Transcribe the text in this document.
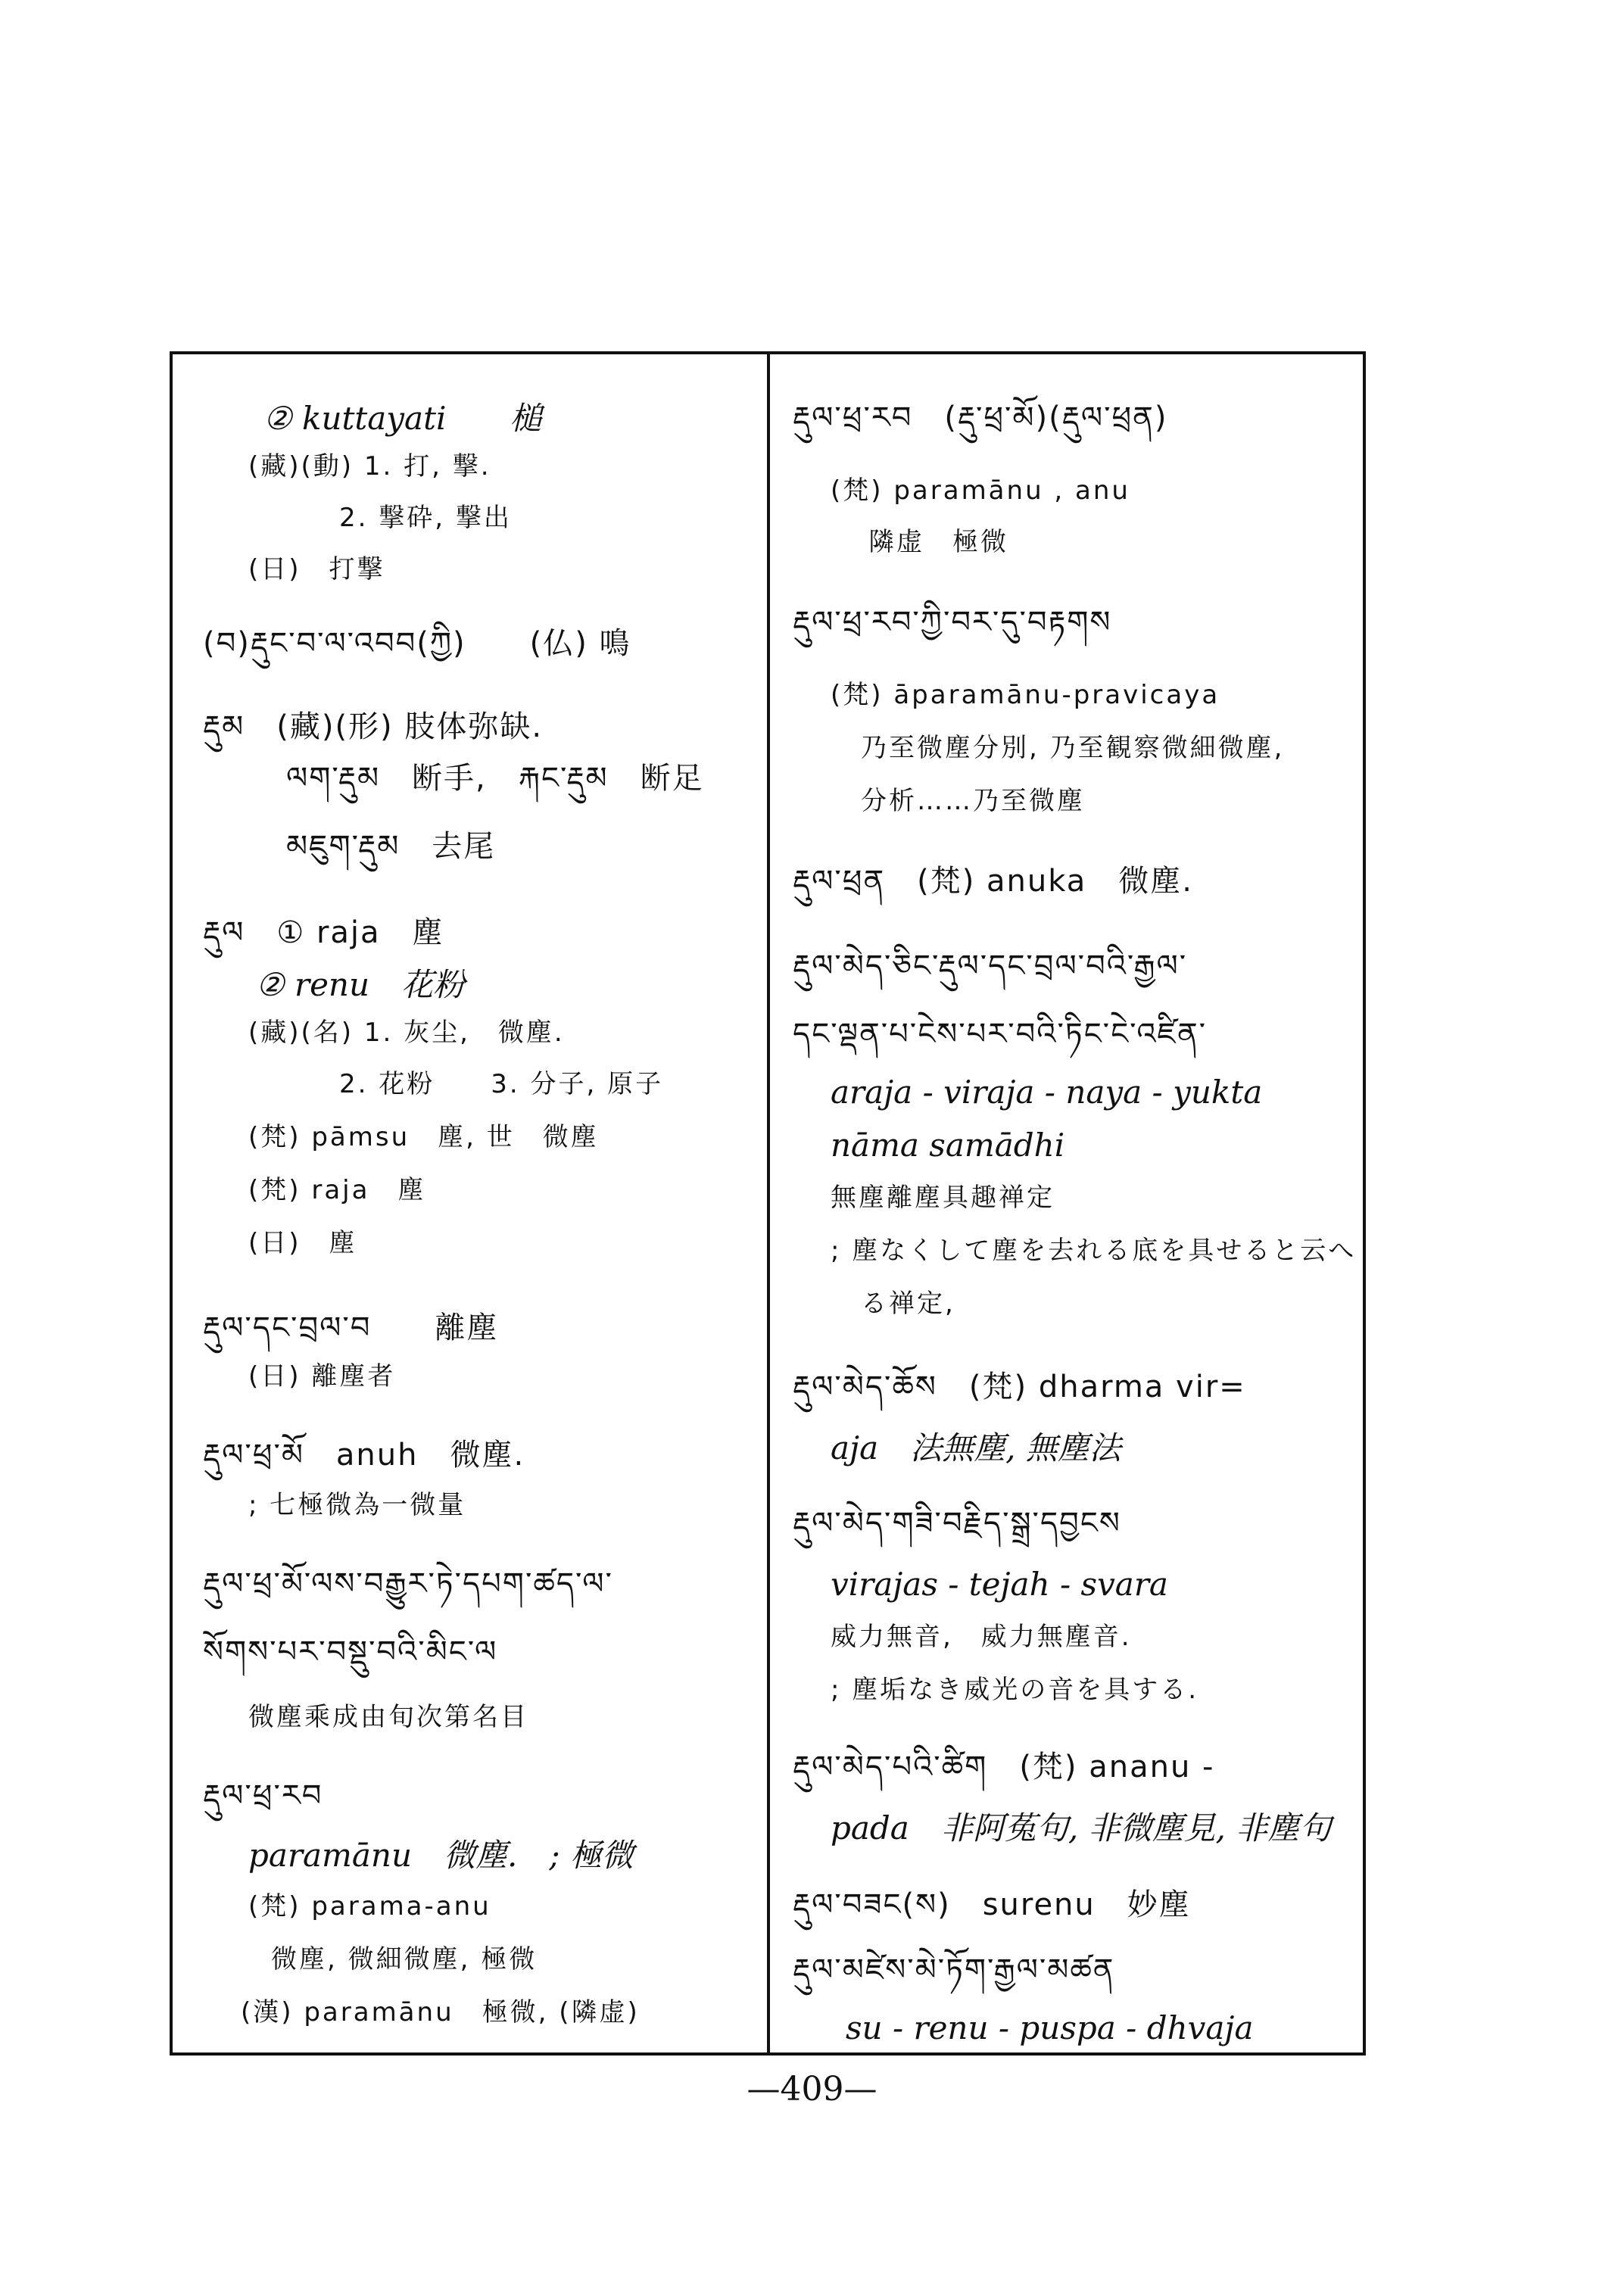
② kuttayati　　槌
(藏)(動) 1. 打, 撃.
2. 撃砕, 撃出
(日)　打撃
(བ)རྡུང་བ་ལ་འབབ(ཀྱི)　　(仏) 鳴
རྡུམ　(藏)(形) 肢体弥缺.
ལག་རྡུམ　断手,　རྐང་རྡུམ　断足
མཇུག་རྡུམ　去尾
རྡུལ　① raja　塵
② renu　花粉
(藏)(名) 1. 灰尘,　微塵.
2. 花粉　　3. 分子, 原子
(梵) pāmsu　塵, 世　微塵
(梵) raja　塵
(日)　塵
རྡུལ་དང་བྲལ་བ　　離塵
(日) 離塵者
རྡུལ་ཕྲ་མོ　anuh　微塵.
; 七極微為一微量
རྡུལ་ཕྲ་མོ་ལས་བརྒྱུར་ཏེ་དཔག་ཚད་ལ་
སོགས་པར་བསྡུ་བའི་མིང་ལ
微塵乘成由旬次第名目
རྡུལ་ཕྲ་རབ
paramānu　微塵.　; 極微
(梵) parama-anu
微塵, 微細微塵, 極微
(漢) paramānu　極微, (隣虚)
རྡུལ་ཕྲ་རབ　(རྡུ་ཕྲ་མོ)(རྡུལ་ཕྲན)
(梵) paramānu , anu
隣虚　極微
རྡུལ་ཕྲ་རབ་ཀྱི་བར་དུ་བརྟགས
(梵) āparamānu-pravicaya
乃至微塵分別, 乃至観察微細微塵,
分析……乃至微塵
རྡུལ་ཕྲན　(梵) anuka　微塵.
རྡུལ་མེད་ཅིང་རྡུལ་དང་བྲལ་བའི་རྒྱལ་
དང་ལྡན་པ་ངེས་པར་བའི་ཏིང་ངེ་འཛིན་
araja - viraja - naya - yukta
nāma samādhi
無塵離塵具趣禅定
; 塵なくして塵を去れる底を具せると云へ
る禅定,
རྡུལ་མེད་ཆོས　(梵) dharma vir=
aja　法無塵, 無塵法
རྡུལ་མེད་གཟི་བརྗིད་སྒྲ་དབྱངས
virajas - tejah - svara
威力無音,　威力無塵音.
; 塵垢なき威光の音を具する.
རྡུལ་མེད་པའི་ཚིག　(梵) ananu -
pada　非阿菟句, 非微塵見, 非塵句
རྡུལ་བཟང(ས)　surenu　妙塵
རྡུལ་མཛེས་མེ་ཏོག་རྒྱལ་མཚན
su - renu - puspa - dhvaja
—409—
